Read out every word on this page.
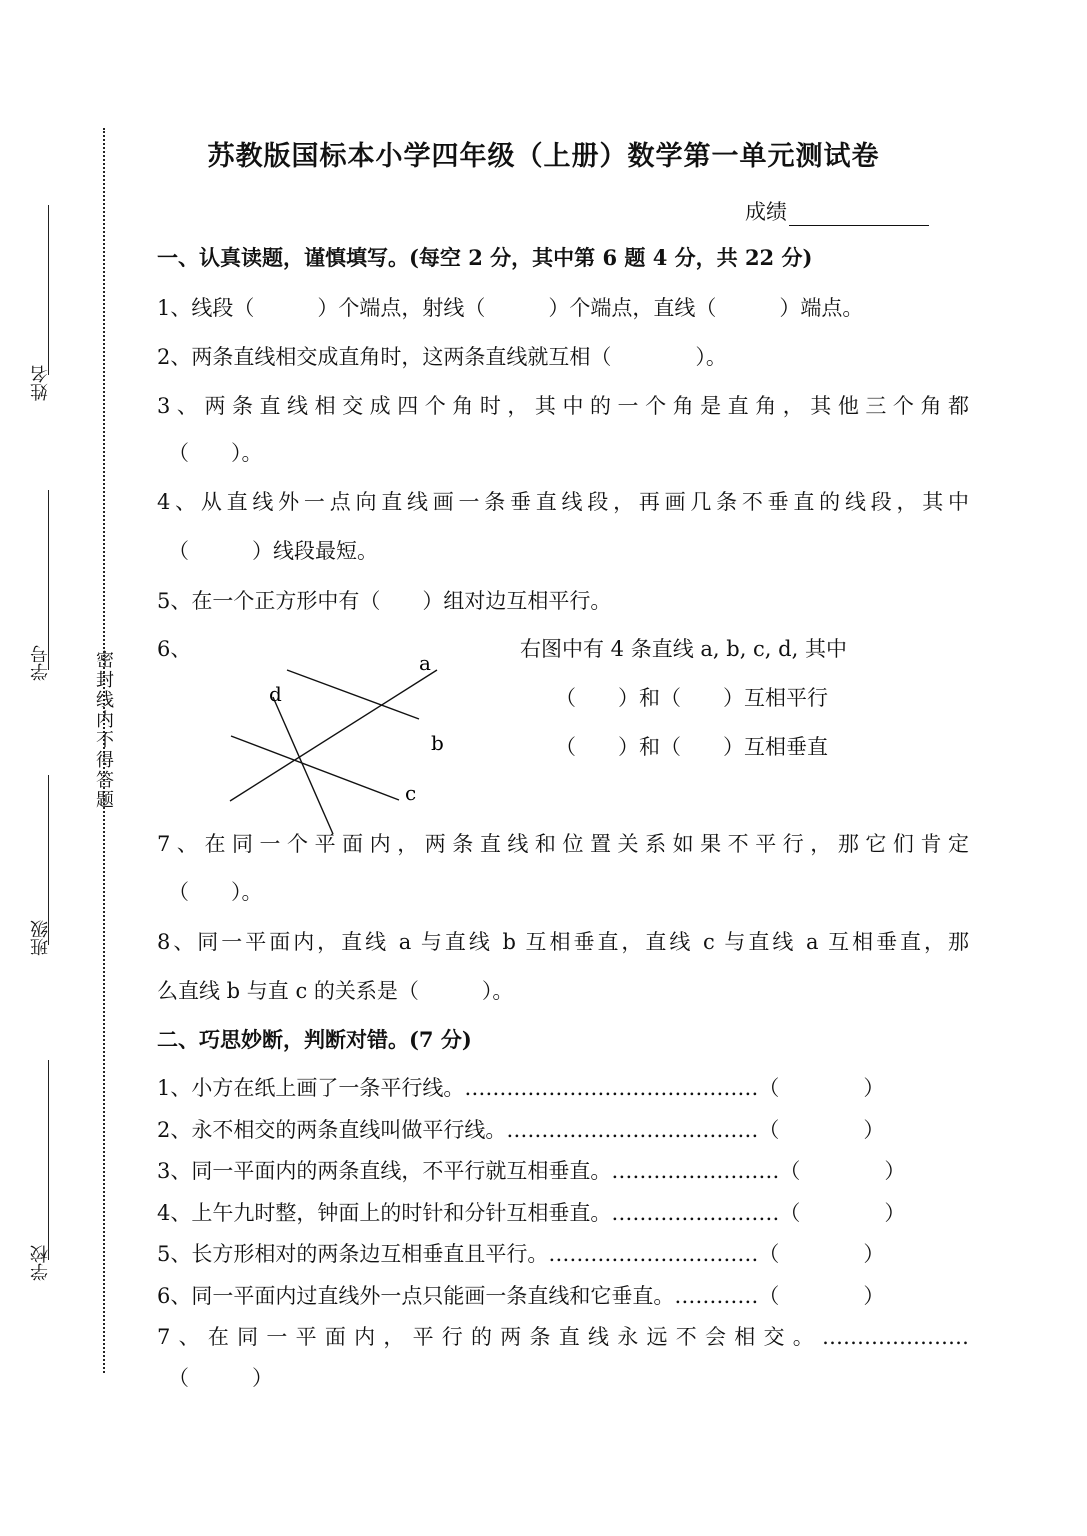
密封线内不得答题
姓名
学号
班级
学校
苏教版国标本小学四年级（上册）数学第一单元测试卷
成绩
一、认真读题，谨慎填写。(每空 2 分，其中第 6 题 4 分，共 22 分)
1、线段（　　　）个端点，射线（　　　）个端点，直线（　　　）端点。
2、两条直线相交成直角时，这两条直线就互相（　　　　）。
3、两条直线相交成四个角时，其中的一个角是直角，其他三个角都
（　　）。
4、从直线外一点向直线画一条垂直线段，再画几条不垂直的线段，其中
（　　　）线段最短。
5、在一个正方形中有（　　）组对边互相平行。
6、	右图中有 4 条直线 a, b, c, d, 其中
（　　）和（　　）互相平行
（　　）和（　　）互相垂直
a
d
b
c
7、在同一个平面内，两条直线和位置关系如果不平行，那它们肯定
（　　）。
8、同一平面内，直线 a 与直线 b 互相垂直，直线 c 与直线 a 互相垂直，那
么直线 b 与直 c 的关系是（　　　）。
二、巧思妙断，判断对错。(7 分)
1、小方在纸上画了一条平行线。……………………………………（　　　　）
2、永不相交的两条直线叫做平行线。………………………………（　　　　）
3、同一平面内的两条直线，不平行就互相垂直。……………………（　　　　）
4、上午九时整，钟面上的时针和分针互相垂直。……………………（　　　　）
5、长方形相对的两条边互相垂直且平行。…………………………（　　　　）
6、同一平面内过直线外一点只能画一条直线和它垂直。…………（　　　　）
7、在同一平面内，平行的两条直线永远不会相交。…………………
（　　　）
